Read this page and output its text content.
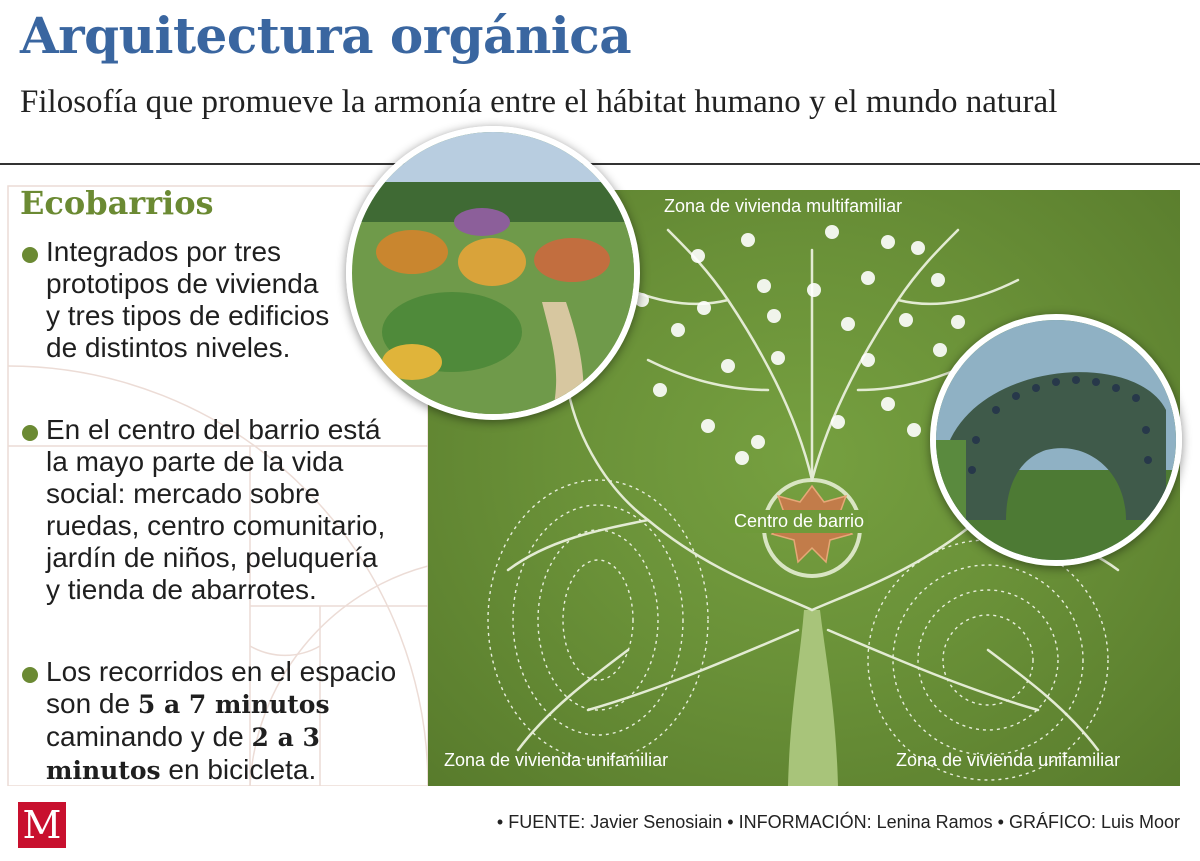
Arquitectura orgánica

Filosofía que promueve la armonía entre el hábitat humano y el mundo natural

Ecobarrios
Integrados por tres
prototipos de vivienda
y tres tipos de edificios
de distintos niveles.
En el centro del barrio está
la mayo parte de la vida
social: mercado sobre
ruedas, centro comunitario,
jardín de niños, peluquería
y tienda de abarrotes.
Los recorridos en el espacio
son de 5 a 7 minutos
caminando y de 2 a 3
minutos en bicicleta.
Zona de vivienda multifamiliar
Centro de barrio
Zona de vivienda unifamiliar	Zona de vivienda unifamiliar
M	• FUENTE: Javier Senosiain • INFORMACIÓN: Lenina Ramos • GRÁFICO: Luis Moor
